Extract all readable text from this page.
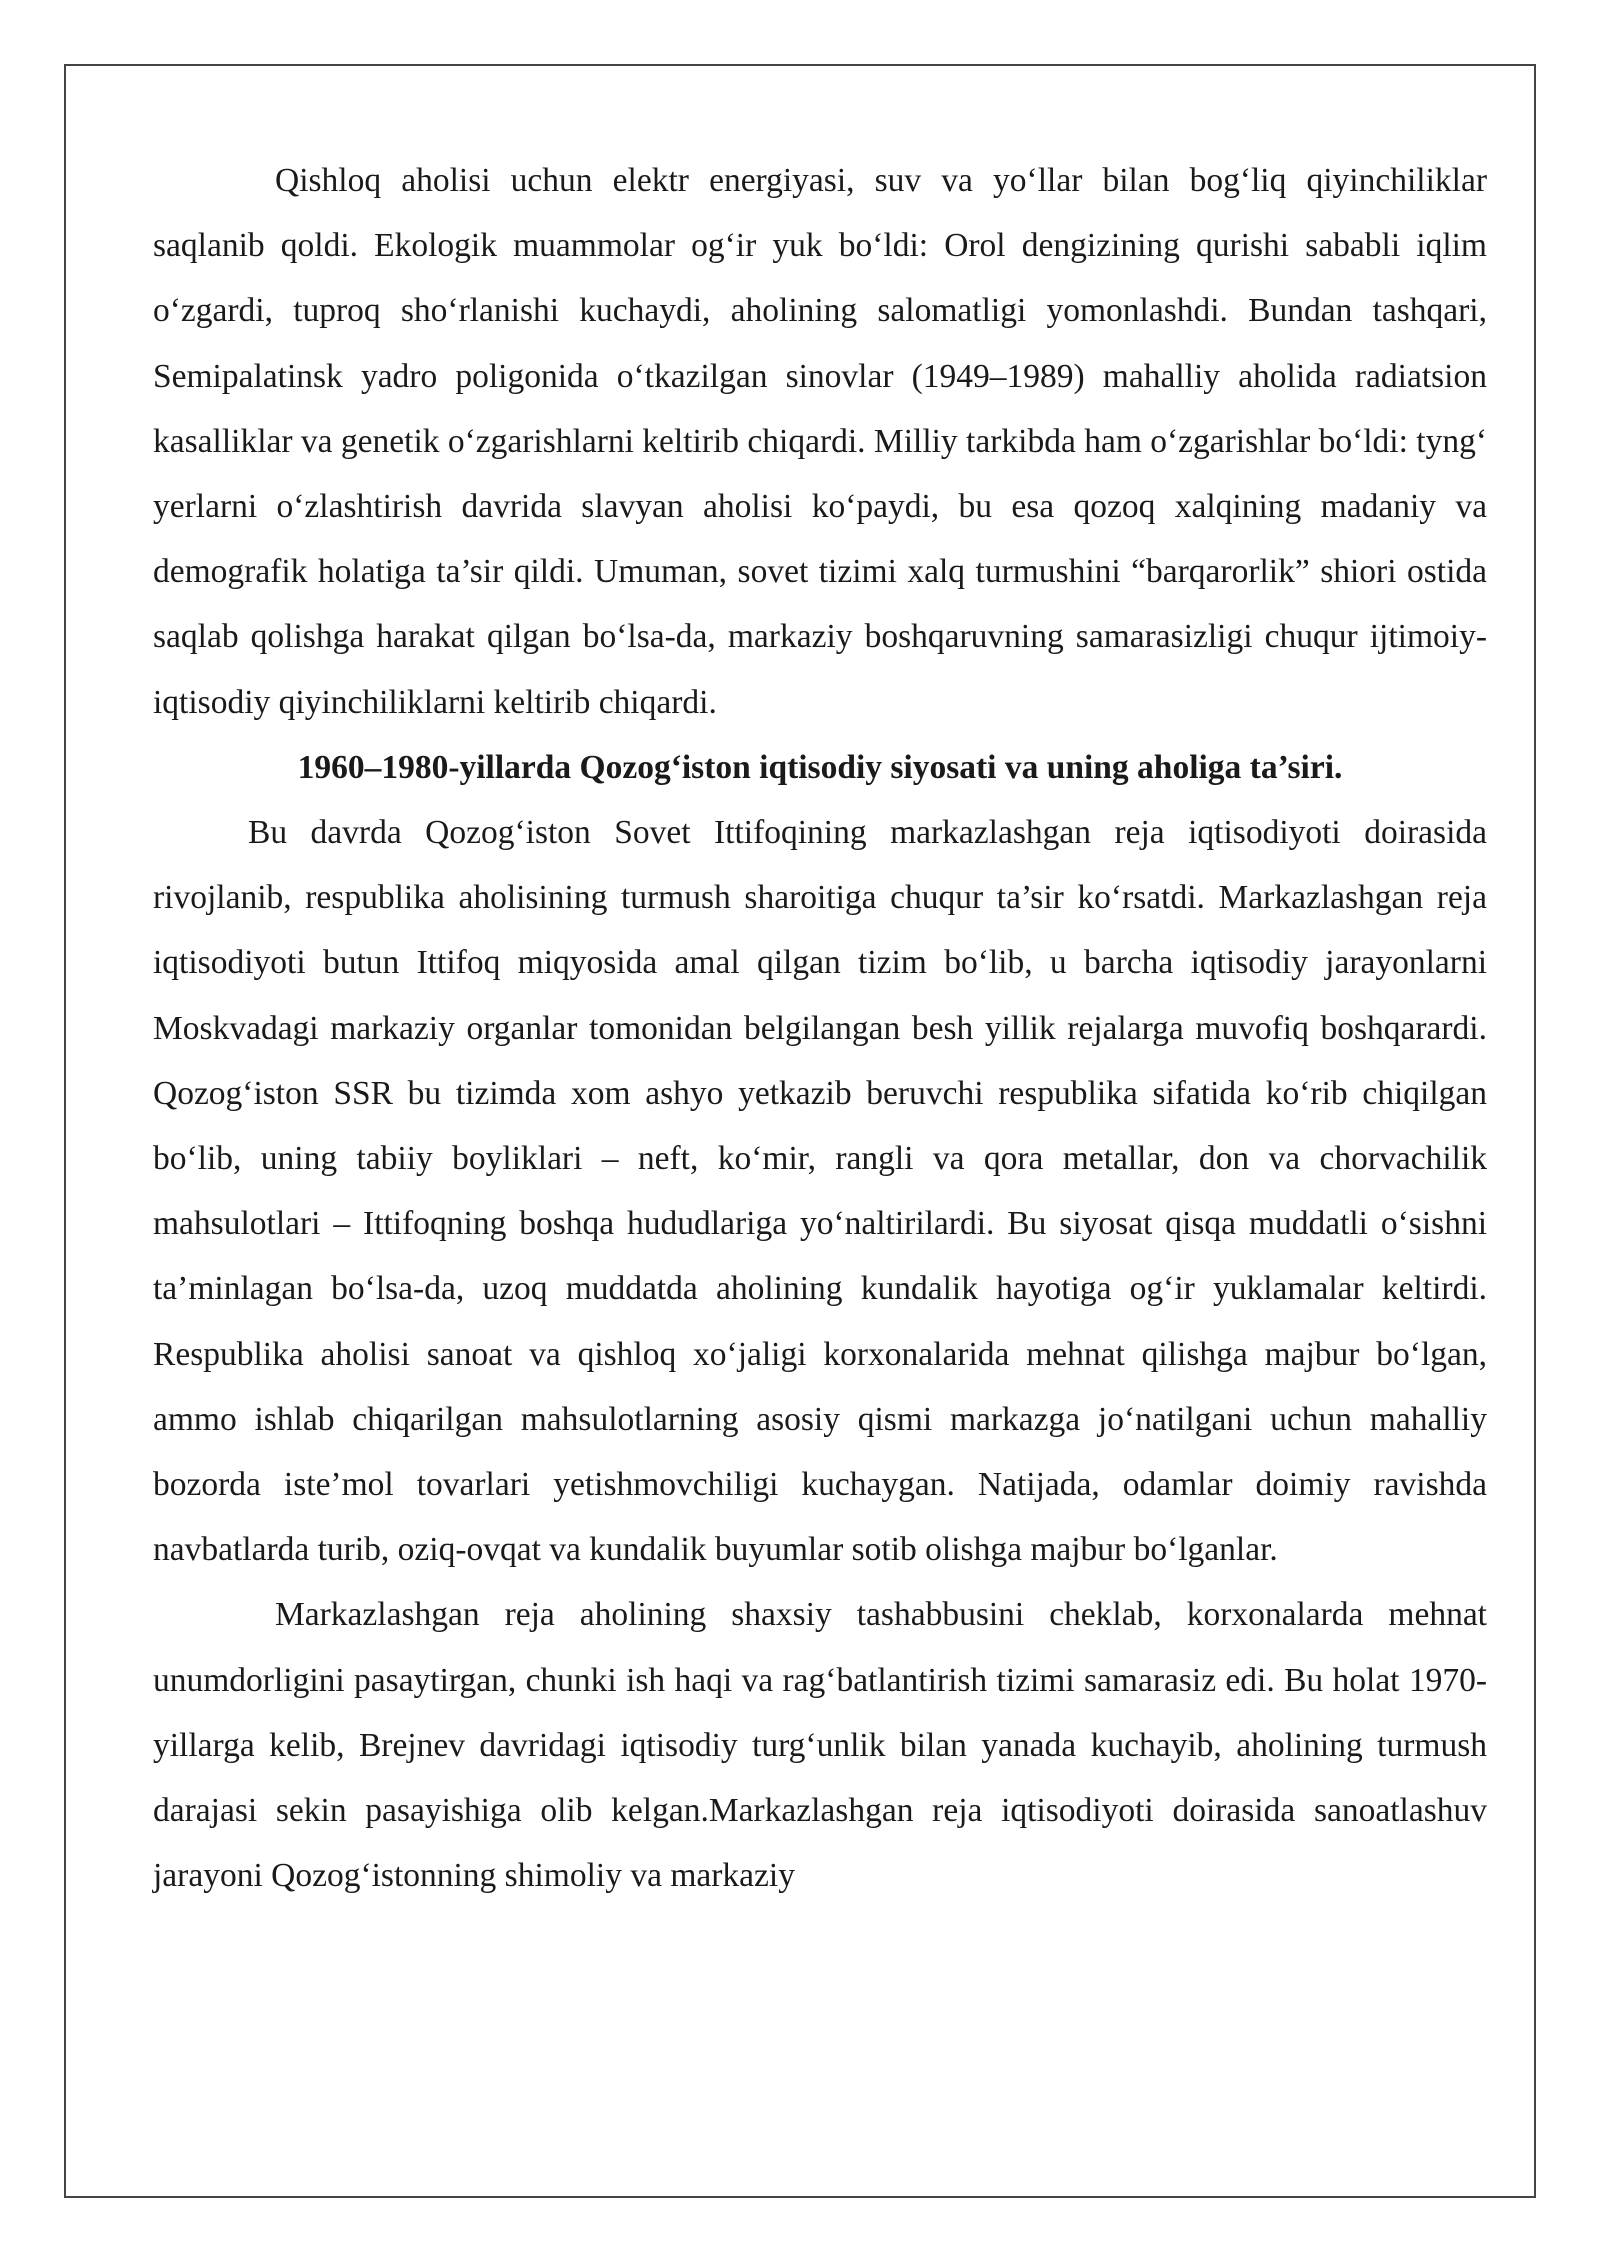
Qishloq aholisi uchun elektr energiyasi, suv va yo‘llar bilan bog‘liq qiyinchiliklar saqlanib qoldi. Ekologik muammolar og‘ir yuk bo‘ldi: Orol dengizining qurishi sababli iqlim o‘zgardi, tuproq sho‘rlanishi kuchaydi, aholining salomatligi yomonlashdi. Bundan tashqari, Semipalatinsk yadro poligonida o‘tkazilgan sinovlar (1949–1989) mahalliy aholida radiatsion kasalliklar va genetik o‘zgarishlarni keltirib chiqardi. Milliy tarkibda ham o‘zgarishlar bo‘ldi: tyng‘ yerlarni o‘zlashtirish davrida slavyan aholisi ko‘paydi, bu esa qozoq xalqining madaniy va demografik holatiga ta’sir qildi. Umuman, sovet tizimi xalq turmushini “barqarorlik” shiori ostida saqlab qolishga harakat qilgan bo‘lsa-da, markaziy boshqaruvning samarasizligi chuqur ijtimoiy-iqtisodiy qiyinchiliklarni keltirib chiqardi.

1960–1980-yillarda Qozog‘iston iqtisodiy siyosati va uning aholiga ta’siri.

Bu davrda Qozog‘iston Sovet Ittifoqining markazlashgan reja iqtisodiyoti doirasida rivojlanib, respublika aholisining turmush sharoitiga chuqur ta’sir ko‘rsatdi. Markazlashgan reja iqtisodiyoti butun Ittifoq miqyosida amal qilgan tizim bo‘lib, u barcha iqtisodiy jarayonlarni Moskvadagi markaziy organlar tomonidan belgilangan besh yillik rejalarga muvofiq boshqarardi. Qozog‘iston SSR bu tizimda xom ashyo yetkazib beruvchi respublika sifatida ko‘rib chiqilgan bo‘lib, uning tabiiy boyliklari – neft, ko‘mir, rangli va qora metallar, don va chorvachilik mahsulotlari – Ittifoqning boshqa hududlariga yo‘naltirilardi. Bu siyosat qisqa muddatli o‘sishni ta’minlagan bo‘lsa-da, uzoq muddatda aholining kundalik hayotiga og‘ir yuklamalar keltirdi. Respublika aholisi sanoat va qishloq xo‘jaligi korxonalarida mehnat qilishga majbur bo‘lgan, ammo ishlab chiqarilgan mahsulotlarning asosiy qismi markazga jo‘natilgani uchun mahalliy bozorda iste’mol tovarlari yetishmovchiligi kuchaygan. Natijada, odamlar doimiy ravishda navbatlarda turib, oziq-ovqat va kundalik buyumlar sotib olishga majbur bo‘lganlar.

Markazlashgan reja aholining shaxsiy tashabbusini cheklab, korxonalarda mehnat unumdorligini pasaytirgan, chunki ish haqi va rag‘batlantirish tizimi samarasiz edi. Bu holat 1970-yillarga kelib, Brejnev davridagi iqtisodiy turg‘unlik bilan yanada kuchayib, aholining turmush darajasi sekin pasayishiga olib kelgan.Markazlashgan reja iqtisodiyoti doirasida sanoatlashuv jarayoni Qozog‘istonning shimoliy va markaziy
